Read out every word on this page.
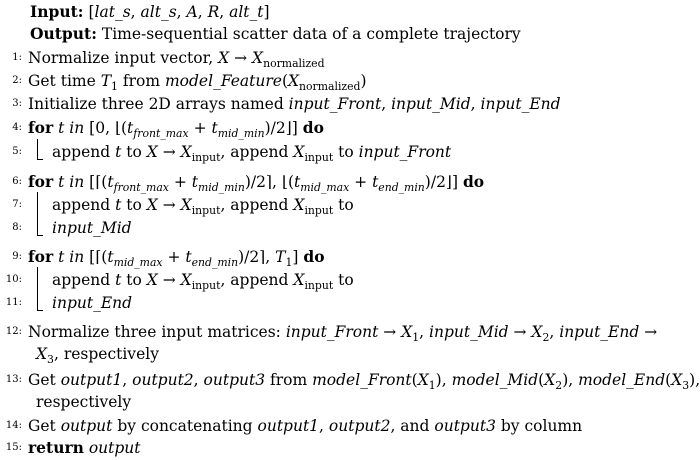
Input: [lat_s, alt_s, A, R, alt_t]
Output: Time-sequential scatter data of a complete trajectory
1: Normalize input vector, $X \to X_{normalized}$
2: Get time $T_1$ from $model\_Feature(X_{normalized})$
3: Initialize three 2D arrays named input_Front, input_Mid, input_End
4: for t in [0, $⌊(t_{front\_max}$ + $t_{mid\_min})/2⌋$] do
5: append t to $X \to X_{input}$, append $X_{input}$ to input_Front
6: for t in [$⌈(t_{front\_max}$ + $t_{mid\_min})/2⌉$, $⌊(t_{mid\_max}$ + $t_{end\_min})/2⌋$] do
7: append t to $X \to X_{input}$, append $X_{input}$ to
8: input_Mid
9: for t in [$⌈(t_{mid\_max}$ + $t_{end\_min})/2⌉$, $T_1$] do
10: append t to $X \to X_{input}$, append $X_{input}$ to
11: input_End
12: Normalize three input matrices: input_Front → $X_1$, input_Mid → $X_2$, input_End →
$X_3$, respectively
13: Get output1, output2, output3 from $model\_Front(X_1)$, $model\_Mid(X_2)$, $model\_End(X_3)$,
respectively
14: Get output by concatenating output1, output2, and output3 by column
15: return output
